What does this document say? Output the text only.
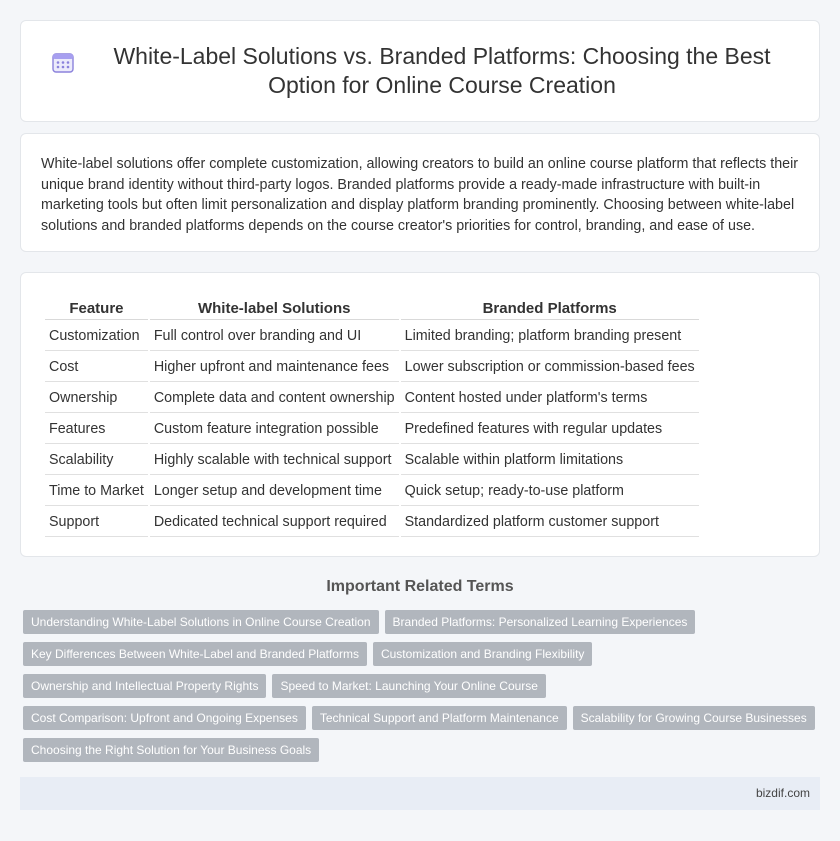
White-Label Solutions vs. Branded Platforms: Choosing the Best Option for Online Course Creation

White-label solutions offer complete customization, allowing creators to build an online course platform that reflects their unique brand identity without third-party logos. Branded platforms provide a ready-made infrastructure with built-in marketing tools but often limit personalization and display platform branding prominently. Choosing between white-label solutions and branded platforms depends on the course creator's priorities for control, branding, and ease of use.

Feature	White-label Solutions	Branded Platforms
Customization	Full control over branding and UI	Limited branding; platform branding present
Cost	Higher upfront and maintenance fees	Lower subscription or commission-based fees
Ownership	Complete data and content ownership	Content hosted under platform's terms
Features	Custom feature integration possible	Predefined features with regular updates
Scalability	Highly scalable with technical support	Scalable within platform limitations
Time to Market	Longer setup and development time	Quick setup; ready-to-use platform
Support	Dedicated technical support required	Standardized platform customer support
Important Related Terms
Understanding White-Label Solutions in Online Course Creation	Branded Platforms: Personalized Learning Experiences
Key Differences Between White-Label and Branded Platforms	Customization and Branding Flexibility
Ownership and Intellectual Property Rights	Speed to Market: Launching Your Online Course
Cost Comparison: Upfront and Ongoing Expenses	Technical Support and Platform Maintenance	Scalability for Growing Course Businesses
Choosing the Right Solution for Your Business Goals
bizdif.com
